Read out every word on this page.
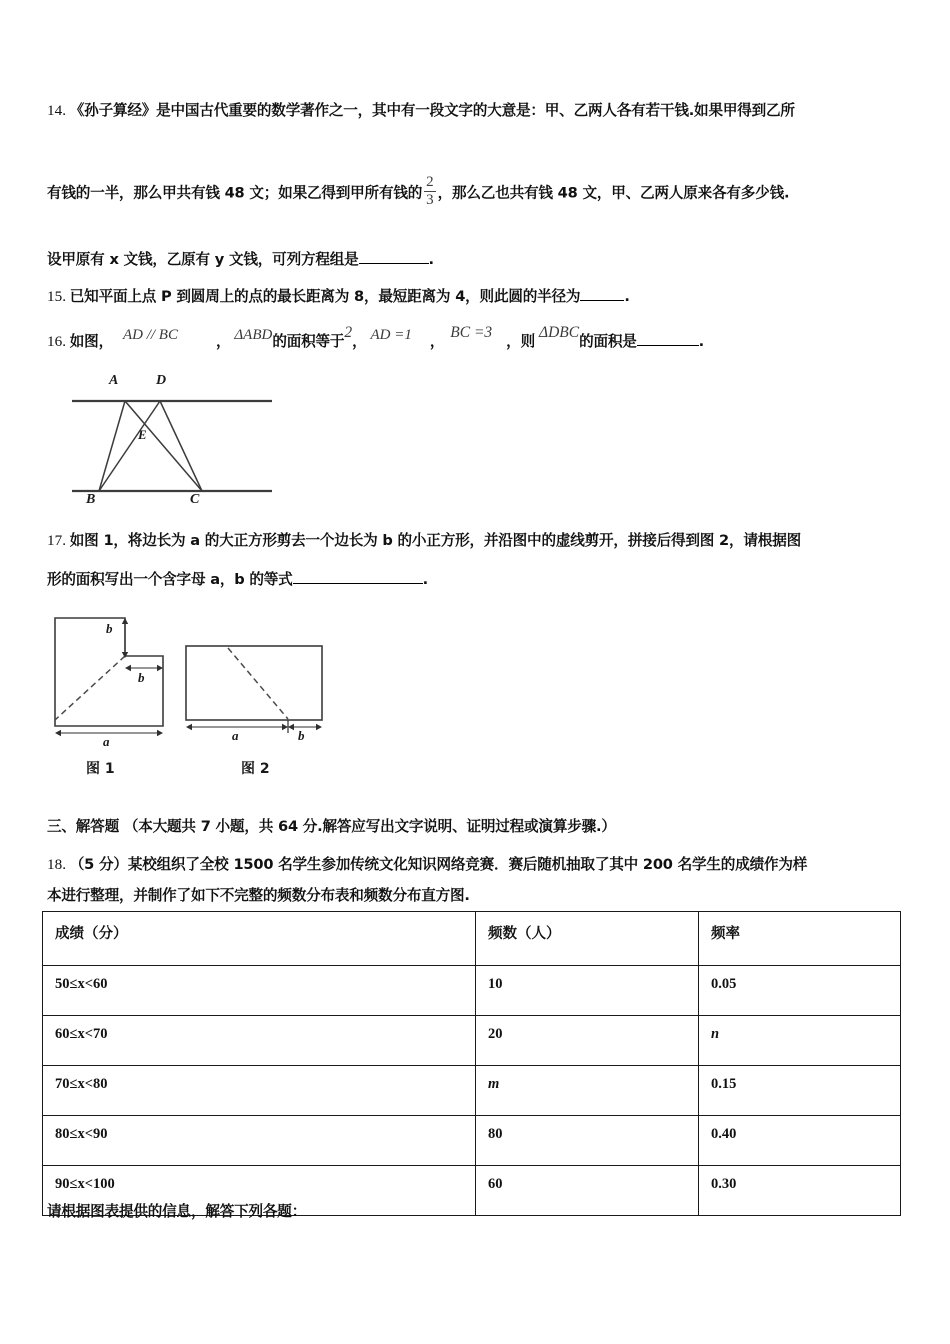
14. 《孙子算经》是中国古代重要的数学著作之一，其中有一段文字的大意是：甲、乙两人各有若干钱.如果甲得到乙所
有钱的一半，那么甲共有钱 48 文；如果乙得到甲所有钱的 $\frac{2}{3}$ ，那么乙也共有钱 48 文，甲、乙两人原来各有多少钱.
设甲原有 x 文钱，乙原有 y 文钱，可列方程组是	.
15. 已知平面上点 P 到圆周上的点的最长距离为 8，最短距离为 4，则此圆的半径为	.
16. 如图， AD // BC	， ΔABD的面积等于2， AD =1 ，BC =3，则ΔDBC的面积是	.
A	D
E
B	C
17. 如图 1，将边长为 a 的大正方形剪去一个边长为 b 的小正方形，并沿图中的虚线剪开，拼接后得到图 2，请根据图
形的面积写出一个含字母 a，b 的等式	.
b
b
a	a	b
图 1	图 2
三、解答题 （本大题共 7 小题，共 64 分.解答应写出文字说明、证明过程或演算步骤.）
18. （5 分）某校组织了全校 1500 名学生参加传统文化知识网络竞赛．赛后随机抽取了其中 200 名学生的成绩作为样
本进行整理，并制作了如下不完整的频数分布表和频数分布直方图.
成绩（分）	频数（人）	频率
50≤x<60	10	0.05
60≤x<70	20	n
70≤x<80	m	0.15
80≤x<90	80	0.40
90≤x<100	60	0.30
请根据图表提供的信息，解答下列各题：
